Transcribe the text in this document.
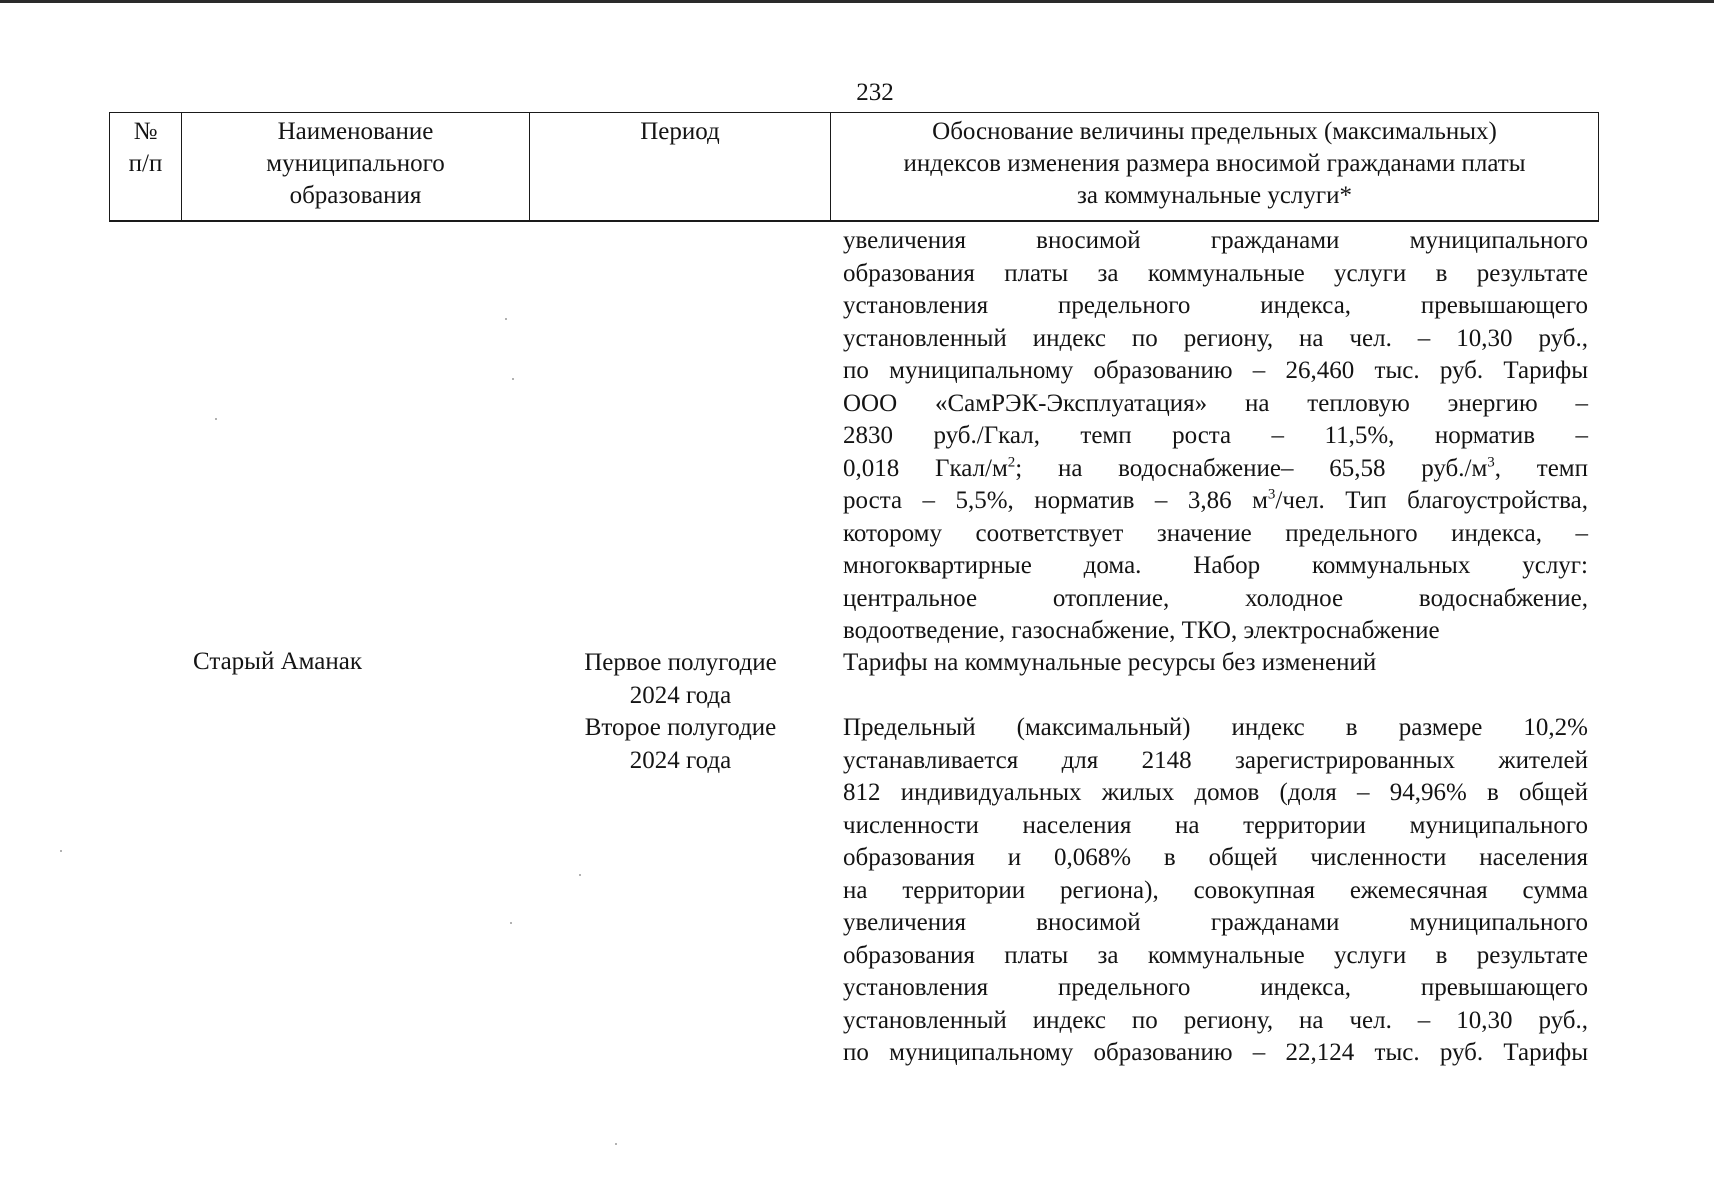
232
№
п/п
Наименование
муниципального
образования
Период	Обоснование величины предельных (максимальных)
индексов изменения размера вносимой гражданами платы
за коммунальные услуги*
увеличения вносимой гражданами муниципального
образования платы за коммунальные услуги в результате
установления предельного индекса, превышающего
установленный индекс по региону, на чел. – 10,30 руб.,
по муниципальному образованию – 26,460 тыс. руб. Тарифы
ООО «СамРЭК-Эксплуатация» на тепловую энергию –
2830 руб./Гкал, темп роста – 11,5%, норматив –
0,018 Гкал/$м^2$; на водоснабжение– 65,58 $руб./м^3$, темп
роста – 5,5%, норматив – 3,86 $м^3$/чел. Тип благоустройства,
которому соответствует значение предельного индекса, –
многоквартирные дома. Набор коммунальных услуг:
центральное отопление, холодное водоснабжение,
водоотведение, газоснабжение, ТКО, электроснабжение
Старый Аманак	Первое полугодие
2024 года
Тарифы на коммунальные ресурсы без изменений
Второе полугодие
2024 года
Предельный (максимальный) индекс в размере 10,2%
устанавливается для 2148 зарегистрированных жителей
812 индивидуальных жилых домов (доля – 94,96% в общей
численности населения на территории муниципального
образования и 0,068% в общей численности населения
на территории региона), совокупная ежемесячная сумма
увеличения вносимой гражданами муниципального
образования платы за коммунальные услуги в результате
установления предельного индекса, превышающего
установленный индекс по региону, на чел. – 10,30 руб.,
по муниципальному образованию – 22,124 тыс. руб. Тарифы
